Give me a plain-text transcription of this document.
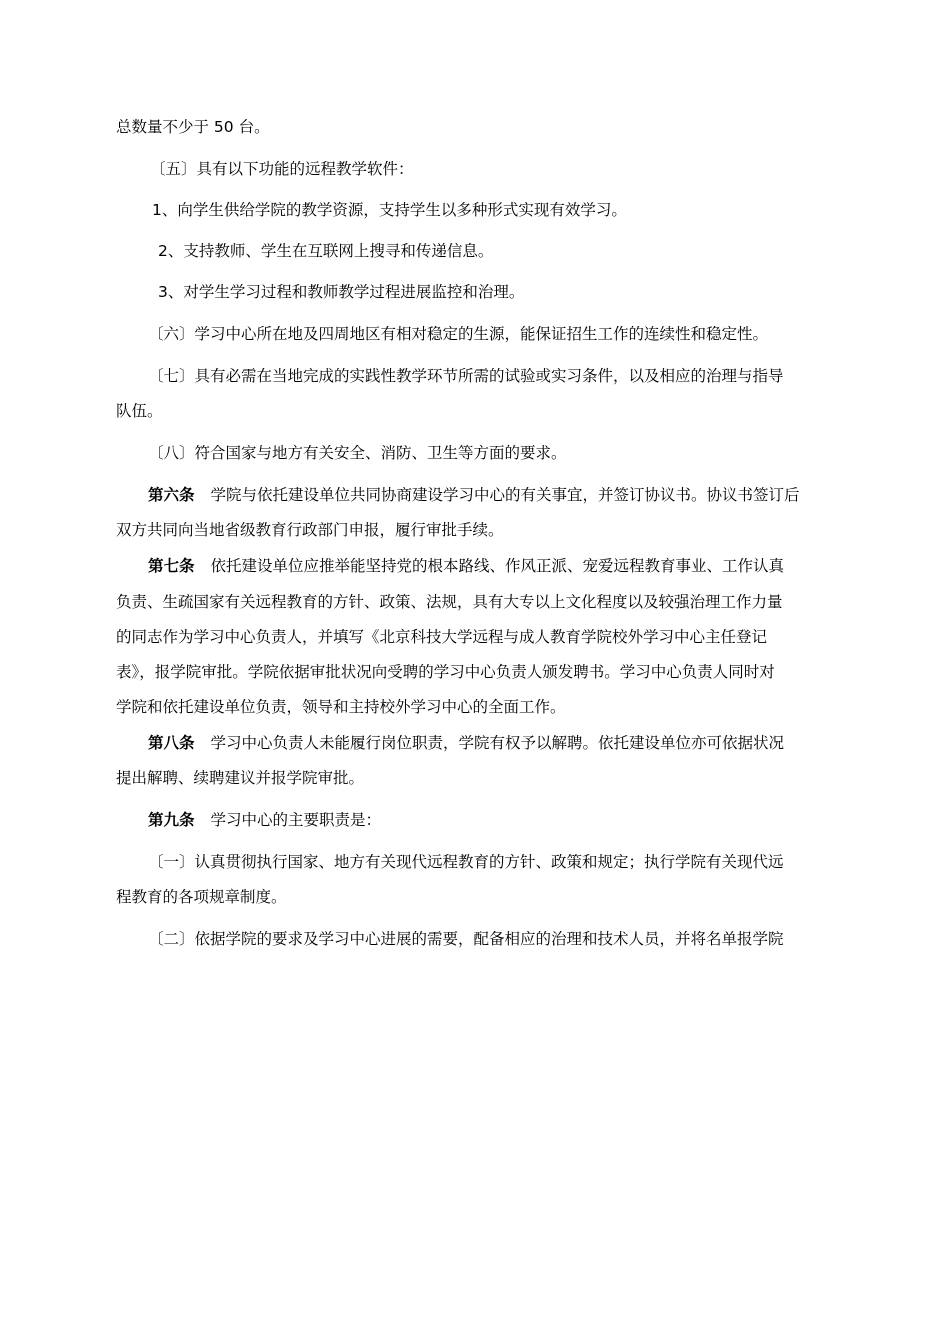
总数量不少于 50 台。
〔五〕具有以下功能的远程教学软件：
1、向学生供给学院的教学资源，支持学生以多种形式实现有效学习。
2、支持教师、学生在互联网上搜寻和传递信息。
3、对学生学习过程和教师教学过程进展监控和治理。
〔六〕学习中心所在地及四周地区有相对稳定的生源，能保证招生工作的连续性和稳定性。
〔七〕具有必需在当地完成的实践性教学环节所需的试验或实习条件，以及相应的治理与指导
队伍。
〔八〕符合国家与地方有关安全、消防、卫生等方面的要求。
第六条 学院与依托建设单位共同协商建设学习中心的有关事宜，并签订协议书。协议书签订后
双方共同向当地省级教育行政部门申报，履行审批手续。
第七条 依托建设单位应推举能坚持党的根本路线、作风正派、宠爱远程教育事业、工作认真
负责、生疏国家有关远程教育的方针、政策、法规，具有大专以上文化程度以及较强治理工作力量
的同志作为学习中心负责人，并填写《北京科技大学远程与成人教育学院校外学习中心主任登记
表》，报学院审批。学院依据审批状况向受聘的学习中心负责人颁发聘书。学习中心负责人同时对
学院和依托建设单位负责，领导和主持校外学习中心的全面工作。
第八条 学习中心负责人未能履行岗位职责，学院有权予以解聘。依托建设单位亦可依据状况
提出解聘、续聘建议并报学院审批。
第九条 学习中心的主要职责是：
〔一〕认真贯彻执行国家、地方有关现代远程教育的方针、政策和规定；执行学院有关现代远
程教育的各项规章制度。
〔二〕依据学院的要求及学习中心进展的需要，配备相应的治理和技术人员，并将名单报学院
